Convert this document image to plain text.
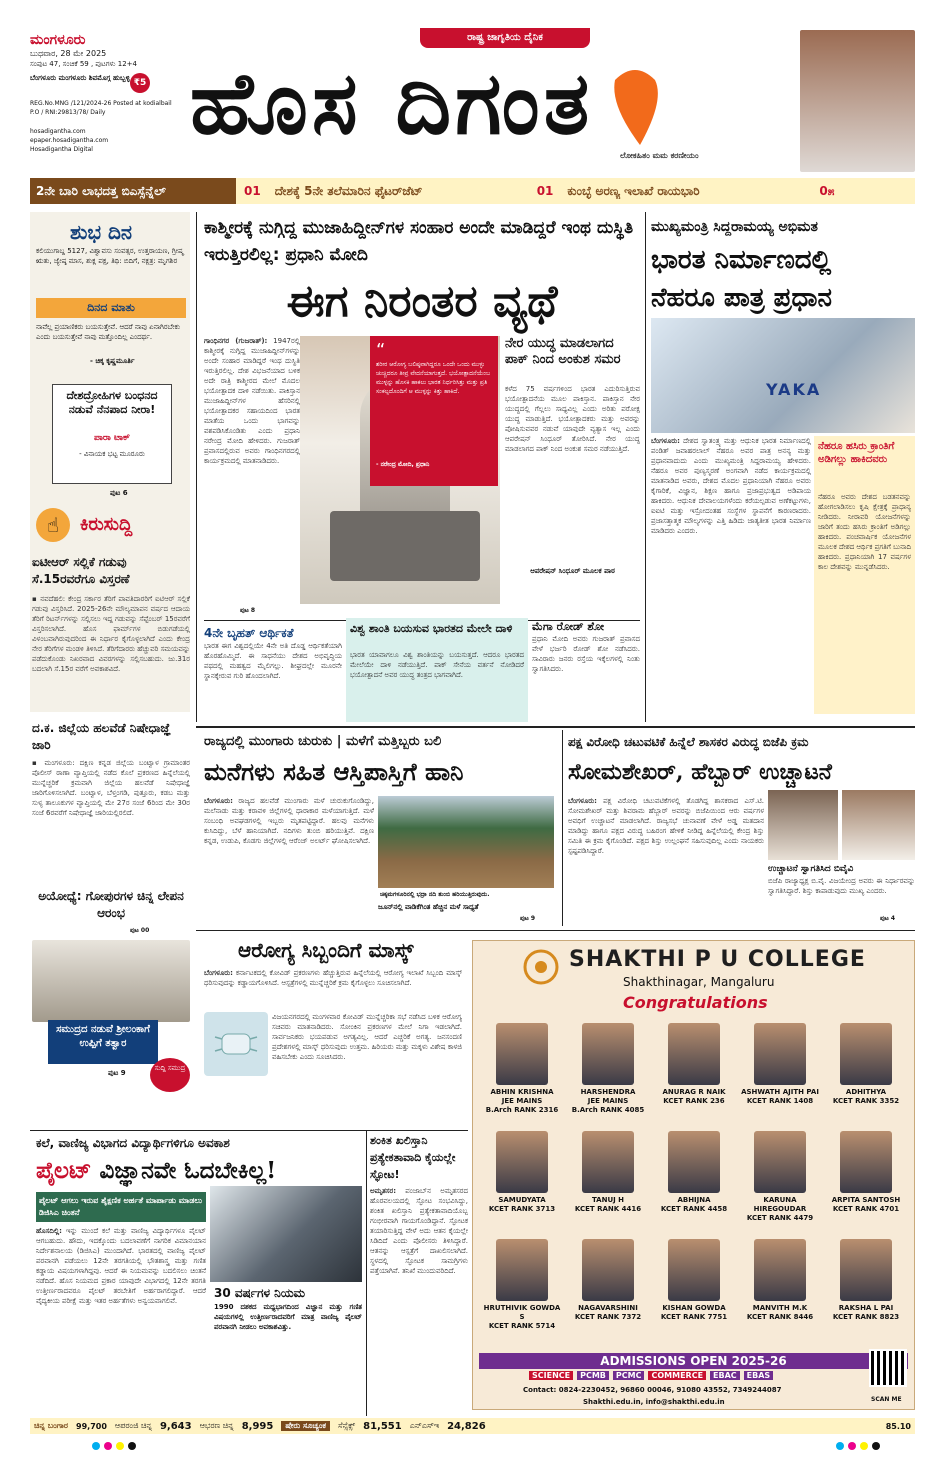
ಮಂಗಳೂರು
ಬುಧವಾರ, 28 ಮೇ 2025
ಸಂಪುಟ 47, ಸಂಚಿಕೆ 59 , ಪುಟಗಳು 12+4
ಬೆಂಗಳೂರು ಮಂಗಳೂರು ಶಿವಮೊಗ್ಗ ಹುಬ್ಬಳ್ಳಿ ₹5
REG.No.MNG /121/2024-26 Posted at kodialbail P.O / RNI:29813/78/ Daily
hosadigantha.com
epaper.hosadigantha.com
Hosadigantha Digital
ರಾಷ್ಟ್ರ ಜಾಗೃತಿಯ ದೈನಿಕ
ಹೊಸ ದಿಗಂತ
ಲೋಕಹಿತಂ ಮಮ ಕರಣೀಯಂ
2ನೇ ಬಾರಿ ಲಾಭದತ್ತ ಬಿಎಸ್ಸೆನ್ನೆಲ್	01	ದೇಶಕ್ಕೆ 5ನೇ ತಲೆಮಾರಿನ ಫೈಟರ್‌ಜೆಟ್	01	ಕುಂಬ್ಳೆ ಅರಣ್ಯ ಇಲಾಖೆ ರಾಯಭಾರಿ	0೫
ಶುಭ ದಿನ
ಕಲಿಯುಗಾಬ್ದ 5127, ವಿಶ್ವಾವಸು ಸಂವತ್ಸರ, ಉತ್ತರಾಯಣ, ಗ್ರೀಷ್ಮ ಋತು, ಜ್ಯೇಷ್ಠ ಮಾಸ, ಶುಕ್ಲ ಪಕ್ಷ, ತಿಥಿ: ಬಿದಿಗೆ, ನಕ್ಷತ್ರ: ಮೃಗಶಿರ
ದಿನದ ಮಾತು
ನಾವೆಲ್ಲ ಪ್ರಯಾಣಿಕರು ಬಯಸುತ್ತೇವೆ. ಆದರೆ ನಾವು ಏನಾಗಿರಬೇಕು ಎಂದು ಬಯಸುತ್ತೇವೆ ನಾವು ಮತ್ತೊಂದಿಲ್ಲ ಎಂದರ್ಥ.
- ಚಿಕ್ಕ ಕೃಷ್ಣಮೂರ್ತಿ
ದೇಶದ್ರೋಹಿಗಳ ಬಂಧನದ ನಡುವೆ ನೆನಪಾದ ನೀರಾ!
ಪಾರಾ ಟಾಕ್
- ವಿನಾಯಕ ಭಟ್ಟ ಮೂರೂರು
ಪುಟ 6
☝	ಕಿರುಸುದ್ದಿ
ಐಟೀಆರ್ ಸಲ್ಲಿಕೆ ಗಡುವು ಸೆ.15ರವರೆಗೂ ವಿಸ್ತರಣೆ
▪ ನವದೆಹಲಿ: ಕೇಂದ್ರ ಸರ್ಕಾರ ತೆರಿಗೆ ಪಾವತಿದಾರರಿಗೆ ಐಟಿಆರ್ ಸಲ್ಲಿಕೆ ಗಡುವು ವಿಸ್ತರಿಸಿದೆ. 2025-26ನೇ ಮೌಲ್ಯಮಾಪನ ವರ್ಷದ ಆದಾಯ ತೆರಿಗೆ ರಿಟರ್ನ್‌ಗಳನ್ನು ಸಲ್ಲಿಸಲು ಇದ್ದ ಗಡುವನ್ನು ಸೆಪ್ಟೆಂಬರ್ 15ರವರೆಗೆ ವಿಸ್ತರಿಸಲಾಗಿದೆ. ಹೊಸ ಫಾರ್ಮ್‌ಗಳ ಬಿಡುಗಡೆಯಲ್ಲಿ ವಿಳಂಬವಾಗಿರುವುದರಿಂದ ಈ ನಿರ್ಧಾರ ಕೈಗೊಳ್ಳಲಾಗಿದೆ ಎಂದು ಕೇಂದ್ರ ನೇರ ತೆರಿಗೆಗಳ ಮಂಡಳಿ ತಿಳಿಸಿದೆ. ತೆರಿಗೆದಾರರು ಹೆಚ್ಚುವರಿ ಸಮಯವನ್ನು ಪಡೆದುಕೊಂಡು ನಿಖರವಾದ ವಿವರಗಳನ್ನು ಸಲ್ಲಿಸಬಹುದು. ಜು.31ರ ಬದಲಾಗಿ ಸೆ.15ರ ವರೆಗೆ ಅವಕಾಶವಿದೆ.
ದ.ಕ. ಜಿಲ್ಲೆಯ ಹಲವೆಡೆ ನಿಷೇಧಾಜ್ಞೆ ಜಾರಿ
▪ ಮಂಗಳೂರು: ದಕ್ಷಿಣ ಕನ್ನಡ ಜಿಲ್ಲೆಯ ಬಂಟ್ವಾಳ ಗ್ರಾಮಾಂತರ ಪೊಲೀಸ್ ಠಾಣಾ ವ್ಯಾಪ್ತಿಯಲ್ಲಿ ನಡೆದ ಕೊಲೆ ಪ್ರಕರಣದ ಹಿನ್ನೆಲೆಯಲ್ಲಿ ಮುನ್ನೆಚ್ಚರಿಕೆ ಕ್ರಮವಾಗಿ ಜಿಲ್ಲೆಯ ಹಲವೆಡೆ ನಿಷೇಧಾಜ್ಞೆ ಜಾರಿಗೊಳಿಸಲಾಗಿದೆ. ಬಂಟ್ವಾಳ, ಬೆಳ್ತಂಗಡಿ, ಪುತ್ತೂರು, ಕಡಬ ಮತ್ತು ಸುಳ್ಯ ತಾಲೂಕುಗಳ ವ್ಯಾಪ್ತಿಯಲ್ಲಿ ಮೇ 27ರ ಸಂಜೆ 6ರಿಂದ ಮೇ 30ರ ಸಂಜೆ 6ರವರೆಗೆ ನಿಷೇಧಾಜ್ಞೆ ಜಾರಿಯಲ್ಲಿರಲಿದೆ.
ಅಯೋಧ್ಯೆ: ಗೋಪುರಗಳ ಚಿನ್ನ ಲೇಪನ ಆರಂಭ
ಪುಟ 00
ಸಮುದ್ರದ ನಡುವೆ ಶ್ರೀಲಂಕಾಗೆ ಉಪ್ಪಿಗೆ ತತ್ವಾರ
ಪುಟ 9
ಸುದ್ದಿ ಸಮುದ್ರ
ಕಾಶ್ಮೀರಕ್ಕೆ ನುಗ್ಗಿದ್ದ ಮುಜಾಹಿದ್ದೀನ್‌ಗಳ ಸಂಹಾರ ಅಂದೇ ಮಾಡಿದ್ದರೆ ಇಂಥ ದುಸ್ಥಿತಿ ಇರುತ್ತಿರಲಿಲ್ಲ: ಪ್ರಧಾನಿ ಮೋದಿ
ಈಗ ನಿರಂತರ ವ್ಯಥೆ
ಗಾಂಧಿನಗರ (ಗುಜರಾತ್): 1947ರಲ್ಲಿ ಕಾಶ್ಮೀರಕ್ಕೆ ನುಗ್ಗಿದ್ದ ಮುಜಾಹಿದ್ದೀನ್‌ಗಳನ್ನು ಅಂದೇ ಸಂಹಾರ ಮಾಡಿದ್ದರೆ ಇಂಥ ದುಸ್ಥಿತಿ ಇರುತ್ತಿರಲಿಲ್ಲ. ದೇಶ ವಿಭಜನೆಯಾದ ಬಳಿಕ ಅದೇ ರಾತ್ರಿ ಕಾಶ್ಮೀರದ ಮೇಲೆ ಮೊದಲ ಭಯೋತ್ಪಾದಕ ದಾಳಿ ನಡೆಯಿತು. ಪಾಕಿಸ್ತಾನ ಮುಜಾಹಿದ್ದೀನ್‌ಗಳ ಹೆಸರಿನಲ್ಲಿ ಭಯೋತ್ಪಾದಕರ ಸಹಾಯದಿಂದ ಭಾರತ ಮಾತೆಯ ಒಂದು ಭಾಗವನ್ನು ವಶಪಡಿಸಿಕೊಂಡಿತು ಎಂದು ಪ್ರಧಾನಿ ನರೇಂದ್ರ ಮೋದಿ ಹೇಳಿದರು. ಗುಜರಾತ್ ಪ್ರವಾಸದಲ್ಲಿರುವ ಅವರು ಗಾಂಧಿನಗರದಲ್ಲಿ ಕಾರ್ಯಕ್ರಮದಲ್ಲಿ ಮಾತನಾಡಿದರು.
“
ಶರೀರ ಆರೋಗ್ಯ ಬಲಿಷ್ಠವಾಗಿದ್ದರೂ ಒಂದೇ ಒಂದು ಮುಳ್ಳು ಚುಚ್ಚಿದರೂ ತೀವ್ರ ವೇದನೆಯಾಗುತ್ತದೆ. ಭಯೋತ್ಪಾದನೆಯೆಂಬ ಮುಳ್ಳನ್ನು ಹೊಸಕಿ ಹಾಕಲು ಭಾರತ ನಿರ್ಧರಿಸಿತ್ತು ಮತ್ತು ಪ್ರತಿ ಸಂಕಲ್ಪದೊಂದಿಗೆ ಆ ಮುಳ್ಳನ್ನು ಕಿತ್ತು ಹಾಕಿದೆ.
- ನರೇಂದ್ರ ಮೋದಿ, ಪ್ರಧಾನಿ
ನೇರ ಯುದ್ಧ ಮಾಡಲಾಗದ ಪಾಕ್ ನಿಂದ ಅಂಕುಶ ಸಮರ
ಕಳೆದ 75 ವರ್ಷಗಳಿಂದ ಭಾರತ ಎದುರಿಸುತ್ತಿರುವ ಭಯೋತ್ಪಾದನೆಯ ಮೂಲ ಪಾಕಿಸ್ತಾನ. ಪಾಕಿಸ್ತಾನ ನೇರ ಯುದ್ಧದಲ್ಲಿ ಗೆಲ್ಲಲು ಸಾಧ್ಯವಿಲ್ಲ ಎಂದು ಅರಿತು ಪರೋಕ್ಷ ಯುದ್ಧ ಮಾಡುತ್ತಿದೆ. ಭಯೋತ್ಪಾದಕರು ಮತ್ತು ಅವರನ್ನು ಪೋಷಿಸುವವರ ನಡುವೆ ಯಾವುದೇ ವ್ಯತ್ಯಾಸ ಇಲ್ಲ ಎಂದು ಆಪರೇಷನ್ ಸಿಂಧೂರ್ ತೋರಿಸಿದೆ. ನೇರ ಯುದ್ಧ ಮಾಡಲಾಗದ ಪಾಕ್ ನಿಂದ ಅಂಕುಶ ಸಮರ ನಡೆಯುತ್ತಿದೆ.
ಆಪರೇಷನ್ ಸಿಂಧೂರ್ ಮೂಲಕ ಪಾಠ
ಪುಟ 8
4ನೇ ಬೃಹತ್ ಆರ್ಥಿಕತೆ
ಭಾರತ ಈಗ ವಿಶ್ವದಲ್ಲಿಯೇ 4ನೇ ಅತಿ ದೊಡ್ಡ ಆರ್ಥಿಕತೆಯಾಗಿ ಹೊರಹೊಮ್ಮಿದೆ. ಈ ಸಾಧನೆಯು ದೇಶದ ಅಭಿವೃದ್ಧಿಯ ಪಥದಲ್ಲಿ ಮಹತ್ವದ ಮೈಲಿಗಲ್ಲು. ಶೀಘ್ರದಲ್ಲೇ ಮೂರನೇ ಸ್ಥಾನಕ್ಕೇರುವ ಗುರಿ ಹೊಂದಲಾಗಿದೆ.
ವಿಶ್ವ ಶಾಂತಿ ಬಯಸುವ ಭಾರತದ ಮೇಲೇ ದಾಳಿ
ಭಾರತ ಯಾವಾಗಲೂ ವಿಶ್ವ ಶಾಂತಿಯನ್ನು ಬಯಸುತ್ತದೆ. ಆದರೂ ಭಾರತದ ಮೇಲೆಯೇ ದಾಳಿ ನಡೆಯುತ್ತಿದೆ. ಪಾಕ್ ಸೇನೆಯ ವರ್ತನೆ ನೋಡಿದರೆ ಭಯೋತ್ಪಾದನೆ ಅವರ ಯುದ್ಧ ತಂತ್ರದ ಭಾಗವಾಗಿದೆ.
ಮೆಗಾ ರೋಡ್ ಶೋ
ಪ್ರಧಾನಿ ಮೋದಿ ಅವರು ಗುಜರಾತ್ ಪ್ರವಾಸದ ವೇಳೆ ಭರ್ಜರಿ ರೋಡ್ ಶೋ ನಡೆಸಿದರು. ಸಾವಿರಾರು ಜನರು ರಸ್ತೆಯ ಇಕ್ಕೆಲಗಳಲ್ಲಿ ನಿಂತು ಸ್ವಾಗತಿಸಿದರು.
ಮುಖ್ಯಮಂತ್ರಿ ಸಿದ್ದರಾಮಯ್ಯ ಅಭಿಮತ
ಭಾರತ ನಿರ್ಮಾಣದಲ್ಲಿ
ನೆಹರೂ ಪಾತ್ರ ಪ್ರಧಾನ
YAKA
ಬೆಂಗಳೂರು: ದೇಶದ ಸ್ವಾತಂತ್ರ್ಯ ಮತ್ತು ಆಧುನಿಕ ಭಾರತ ನಿರ್ಮಾಣದಲ್ಲಿ ಪಂಡಿತ್ ಜವಾಹರಲಾಲ್ ನೆಹರೂ ಅವರ ಪಾತ್ರ ಅನನ್ಯ ಮತ್ತು ಪ್ರಧಾನವಾದುದು ಎಂದು ಮುಖ್ಯಮಂತ್ರಿ ಸಿದ್ದರಾಮಯ್ಯ ಹೇಳಿದರು. ನೆಹರೂ ಅವರ ಪುಣ್ಯಸ್ಮರಣೆ ಅಂಗವಾಗಿ ನಡೆದ ಕಾರ್ಯಕ್ರಮದಲ್ಲಿ ಮಾತನಾಡಿದ ಅವರು, ದೇಶದ ಮೊದಲ ಪ್ರಧಾನಿಯಾಗಿ ನೆಹರೂ ಅವರು ಕೈಗಾರಿಕೆ, ವಿಜ್ಞಾನ, ಶಿಕ್ಷಣ ಹಾಗೂ ಪ್ರಜಾಪ್ರಭುತ್ವದ ಅಡಿಪಾಯ ಹಾಕಿದರು. ಆಧುನಿಕ ದೇವಾಲಯಗಳೆಂದು ಕರೆಯಲ್ಪಡುವ ಅಣೆಕಟ್ಟುಗಳು, ಐಐಟಿ ಮತ್ತು ಇಸ್ರೋದಂತಹ ಸಂಸ್ಥೆಗಳ ಸ್ಥಾಪನೆಗೆ ಕಾರಣರಾದರು. ಪ್ರಜಾಸತ್ತಾತ್ಮಕ ಮೌಲ್ಯಗಳನ್ನು ಎತ್ತಿ ಹಿಡಿದು ಜಾತ್ಯತೀತ ಭಾರತ ನಿರ್ಮಾಣ ಮಾಡಿದರು ಎಂದರು.
ನೆಹರೂ ಹಸಿರು ಕ್ರಾಂತಿಗೆ ಅಡಿಗಲ್ಲು ಹಾಕಿದವರು
ನೆಹರೂ ಅವರು ದೇಶದ ಬಡತನವನ್ನು ಹೋಗಲಾಡಿಸಲು ಕೃಷಿ ಕ್ಷೇತ್ರಕ್ಕೆ ಪ್ರಾಧಾನ್ಯ ನೀಡಿದರು. ನೀರಾವರಿ ಯೋಜನೆಗಳನ್ನು ಜಾರಿಗೆ ತಂದು ಹಸಿರು ಕ್ರಾಂತಿಗೆ ಅಡಿಗಲ್ಲು ಹಾಕಿದರು. ಪಂಚವಾರ್ಷಿಕ ಯೋಜನೆಗಳ ಮೂಲಕ ದೇಶದ ಆರ್ಥಿಕ ಪ್ರಗತಿಗೆ ಬುನಾದಿ ಹಾಕಿದರು. ಪ್ರಧಾನಿಯಾಗಿ 17 ವರ್ಷಗಳ ಕಾಲ ದೇಶವನ್ನು ಮುನ್ನಡೆಸಿದರು.
ರಾಜ್ಯದಲ್ಲಿ ಮುಂಗಾರು ಚುರುಕು | ಮಳೆಗೆ ಮತ್ತಿಬ್ಬರು ಬಲಿ
ಮನೆಗಳು ಸಹಿತ ಆಸ್ತಿಪಾಸ್ತಿಗೆ ಹಾನಿ
ಬೆಂಗಳೂರು: ರಾಜ್ಯದ ಹಲವೆಡೆ ಮುಂಗಾರು ಮಳೆ ಚುರುಕುಗೊಂಡಿದ್ದು, ಮಲೆನಾಡು ಮತ್ತು ಕರಾವಳಿ ಜಿಲ್ಲೆಗಳಲ್ಲಿ ಧಾರಾಕಾರ ಮಳೆಯಾಗುತ್ತಿದೆ. ಮಳೆ ಸಂಬಂಧಿ ಅವಘಡಗಳಲ್ಲಿ ಇಬ್ಬರು ಮೃತಪಟ್ಟಿದ್ದಾರೆ. ಹಲವು ಮನೆಗಳು ಕುಸಿದಿದ್ದು, ಬೆಳೆ ಹಾನಿಯಾಗಿದೆ. ನದಿಗಳು ತುಂಬಿ ಹರಿಯುತ್ತಿವೆ. ದಕ್ಷಿಣ ಕನ್ನಡ, ಉಡುಪಿ, ಕೊಡಗು ಜಿಲ್ಲೆಗಳಲ್ಲಿ ಆರೆಂಜ್ ಅಲರ್ಟ್ ಘೋಷಿಸಲಾಗಿದೆ.
ಚಿಕ್ಕಮಗಳೂರಿನಲ್ಲಿ ಭದ್ರಾ ನದಿ ತುಂಬಿ ಹರಿಯುತ್ತಿರುವುದು.
ಜೂನ್‌ನಲ್ಲಿ ವಾಡಿಕೆಗಿಂತ ಹೆಚ್ಚಿನ ಮಳೆ ಸಾಧ್ಯತೆ
ಪುಟ 9
ಪಕ್ಷ ವಿರೋಧಿ ಚಟುವಟಿಕೆ ಹಿನ್ನೆಲೆ ಶಾಸಕರ ವಿರುದ್ಧ ಬಿಜೆಪಿ ಕ್ರಮ
ಸೋಮಶೇಖರ್, ಹೆಬ್ಬಾರ್ ಉಚ್ಚಾಟನೆ
ಬೆಂಗಳೂರು: ಪಕ್ಷ ವಿರೋಧಿ ಚಟುವಟಿಕೆಗಳಲ್ಲಿ ತೊಡಗಿದ್ದ ಶಾಸಕರಾದ ಎಸ್.ಟಿ. ಸೋಮಶೇಖರ್ ಮತ್ತು ಶಿವರಾಮ ಹೆಬ್ಬಾರ್ ಅವರನ್ನು ಬಿಜೆಪಿಯಿಂದ ಆರು ವರ್ಷಗಳ ಅವಧಿಗೆ ಉಚ್ಚಾಟನೆ ಮಾಡಲಾಗಿದೆ. ರಾಜ್ಯಸಭೆ ಚುನಾವಣೆ ವೇಳೆ ಅಡ್ಡ ಮತದಾನ ಮಾಡಿದ್ದು ಹಾಗೂ ಪಕ್ಷದ ವಿರುದ್ಧ ಬಹಿರಂಗ ಹೇಳಿಕೆ ನೀಡಿದ್ದ ಹಿನ್ನೆಲೆಯಲ್ಲಿ ಕೇಂದ್ರ ಶಿಸ್ತು ಸಮಿತಿ ಈ ಕ್ರಮ ಕೈಗೊಂಡಿದೆ. ಪಕ್ಷದ ಶಿಸ್ತು ಉಲ್ಲಂಘನೆ ಸಹಿಸುವುದಿಲ್ಲ ಎಂದು ನಾಯಕರು ಸ್ಪಷ್ಟಪಡಿಸಿದ್ದಾರೆ.
ಉಚ್ಚಾಟನೆ ಸ್ವಾಗತಿಸಿದ ಬಿವೈವಿ
ಬಿಜೆಪಿ ರಾಜ್ಯಾಧ್ಯಕ್ಷ ಬಿ.ವೈ. ವಿಜಯೇಂದ್ರ ಅವರು ಈ ನಿರ್ಧಾರವನ್ನು ಸ್ವಾಗತಿಸಿದ್ದಾರೆ. ಶಿಸ್ತು ಕಾಪಾಡುವುದು ಮುಖ್ಯ ಎಂದರು.
ಪುಟ 4
ಆರೋಗ್ಯ ಸಿಬ್ಬಂದಿಗೆ ಮಾಸ್ಕ್
ಬೆಂಗಳೂರು: ಕರ್ನಾಟಕದಲ್ಲಿ ಕೋವಿಡ್ ಪ್ರಕರಣಗಳು ಹೆಚ್ಚುತ್ತಿರುವ ಹಿನ್ನೆಲೆಯಲ್ಲಿ ಆರೋಗ್ಯ ಇಲಾಖೆ ಸಿಬ್ಬಂದಿ ಮಾಸ್ಕ್ ಧರಿಸುವುದನ್ನು ಕಡ್ಡಾಯಗೊಳಿಸಿದೆ. ಆಸ್ಪತ್ರೆಗಳಲ್ಲಿ ಮುನ್ನೆಚ್ಚರಿಕೆ ಕ್ರಮ ಕೈಗೊಳ್ಳಲು ಸೂಚಿಸಲಾಗಿದೆ.
ವಿಜಯನಗರದಲ್ಲಿ ಮಂಗಳವಾರ ಕೋವಿಡ್ ಮುನ್ನೆಚ್ಚರಿಕಾ ಸಭೆ ನಡೆಸಿದ ಬಳಿಕ ಆರೋಗ್ಯ ಸಚಿವರು ಮಾತನಾಡಿದರು. ಸೋಂಕಿನ ಪ್ರಕರಣಗಳ ಮೇಲೆ ನಿಗಾ ಇಡಲಾಗಿದೆ. ಸಾರ್ವಜನಿಕರು ಭಯಪಡುವ ಅಗತ್ಯವಿಲ್ಲ. ಆದರೆ ಎಚ್ಚರಿಕೆ ಅಗತ್ಯ. ಜನಸಂದಣಿ ಪ್ರದೇಶಗಳಲ್ಲಿ ಮಾಸ್ಕ್ ಧರಿಸುವುದು ಉತ್ತಮ. ಹಿರಿಯರು ಮತ್ತು ಮಕ್ಕಳು ವಿಶೇಷ ಕಾಳಜಿ ವಹಿಸಬೇಕು ಎಂದು ಸೂಚಿಸಿದರು.
SHAKTHI P U COLLEGE
Shakthinagar, Mangaluru
Congratulations
ABHIN KRISHNA
JEE MAINS
B.Arch RANK 2316
HARSHENDRA
JEE MAINS
B.Arch RANK 4085
ANURAG R NAIK
KCET RANK 236
ASHWATH AJITH PAI
KCET RANK 1408
ADHITHYA
KCET RANK 3352
SAMUDYATA
KCET RANK 3713
TANUJ H
KCET RANK 4416
ABHIJNA
KCET RANK 4458
KARUNA HIREGOUDAR
KCET RANK 4479
ARPITA SANTOSH
KCET RANK 4701
HRUTHIVIK GOWDA S
KCET RANK 5714
NAGAVARSHINI
KCET RANK 7372
KISHAN GOWDA
KCET RANK 7751
MANVITH M.K
KCET RANK 8446
RAKSHA L PAI
KCET RANK 8823
ADMISSIONS OPEN 2025-26
SCIENCE	PCMB	PCMC	COMMERCE	EBAC	EBAS
Contact: 0824-2230452, 96860 00046, 91080 43552, 7349244087
Shakthi.edu.in, info@shakthi.edu.in	SCAN ME
ಕಲೆ, ವಾಣಿಜ್ಯ ವಿಭಾಗದ ವಿದ್ಯಾರ್ಥಿಗಳಿಗೂ ಅವಕಾಶ
ಪೈಲಟ್ ವಿಜ್ಞಾನವೇ ಓದಬೇಕಿಲ್ಲ!
ಪೈಲಟ್ ಆಗಲು ಇರುವ ಶೈಕ್ಷಣಿಕ ಅರ್ಹತೆ ಮಾರ್ಪಾಡು ಮಾಡಲು ಡಿಜಿಸಿಎ ಚಿಂತನೆ
ಹೊಸದಿಲ್ಲಿ: ಇನ್ನು ಮುಂದೆ ಕಲೆ ಮತ್ತು ವಾಣಿಜ್ಯ ವಿದ್ಯಾರ್ಥಿಗಳೂ ಪೈಲಟ್ ಆಗಬಹುದು. ಹೌದು, ಇದಕ್ಕೊಂದು ಬದಲಾವಣೆಗೆ ನಾಗರಿಕ ವಿಮಾನಯಾನ ನಿರ್ದೇಶನಾಲಯ (ಡಿಜಿಸಿಎ) ಮುಂದಾಗಿದೆ. ಭಾರತದಲ್ಲಿ ವಾಣಿಜ್ಯ ಪೈಲಟ್ ಪರವಾನಗಿ ಪಡೆಯಲು 12ನೇ ತರಗತಿಯಲ್ಲಿ ಭೌತಶಾಸ್ತ್ರ ಮತ್ತು ಗಣಿತ ಕಡ್ಡಾಯ ವಿಷಯಗಳಾಗಿದ್ದವು. ಆದರೆ ಈ ನಿಯಮವನ್ನು ಬದಲಿಸಲು ಚಿಂತನೆ ನಡೆದಿದೆ. ಹೊಸ ನಿಯಮದ ಪ್ರಕಾರ ಯಾವುದೇ ವಿಭಾಗದಲ್ಲಿ 12ನೇ ತರಗತಿ ಉತ್ತೀರ್ಣರಾದವರೂ ಪೈಲಟ್ ತರಬೇತಿಗೆ ಅರ್ಹರಾಗಲಿದ್ದಾರೆ. ಆದರೆ ವೈದ್ಯಕೀಯ ಪರೀಕ್ಷೆ ಮತ್ತು ಇತರ ಅರ್ಹತೆಗಳು ಅನ್ವಯವಾಗಲಿವೆ.
30 ವರ್ಷಗಳ ನಿಯಮ
1990 ದಶಕದ ಮಧ್ಯಭಾಗದಿಂದ ವಿಜ್ಞಾನ ಮತ್ತು ಗಣಿತ ವಿಷಯಗಳಲ್ಲಿ ಉತ್ತೀರ್ಣರಾದವರಿಗೆ ಮಾತ್ರ ವಾಣಿಜ್ಯ ಪೈಲಟ್ ಪರವಾನಗಿ ನೀಡಲು ಅವಕಾಶವಿತ್ತು.
ಶಂಕಿತ ಖಲಿಸ್ತಾನಿ ಪ್ರತ್ಯೇಕತಾವಾದಿ ಕೈಯಲ್ಲೇ ಸ್ಫೋಟ!
ಅಮೃತಸರ: ಪಂಜಾಬ್‌ನ ಅಮೃತಸರದ ಹೊರವಲಯದಲ್ಲಿ ಸ್ಫೋಟ ಸಂಭವಿಸಿದ್ದು, ಶಂಕಿತ ಖಲಿಸ್ತಾನಿ ಪ್ರತ್ಯೇಕತಾವಾದಿಯೊಬ್ಬ ಗಂಭೀರವಾಗಿ ಗಾಯಗೊಂಡಿದ್ದಾನೆ. ಸ್ಫೋಟಕ ತಯಾರಿಸುತ್ತಿದ್ದ ವೇಳೆ ಅದು ಆತನ ಕೈಯಲ್ಲೇ ಸಿಡಿದಿದೆ ಎಂದು ಪೊಲೀಸರು ತಿಳಿಸಿದ್ದಾರೆ. ಆತನನ್ನು ಆಸ್ಪತ್ರೆಗೆ ದಾಖಲಿಸಲಾಗಿದೆ. ಸ್ಥಳದಲ್ಲಿ ಸ್ಫೋಟಕ ಸಾಮಗ್ರಿಗಳು ಪತ್ತೆಯಾಗಿವೆ. ತನಿಖೆ ಮುಂದುವರಿದಿದೆ.
ಚಿನ್ನ ಬಂಗಾರ 99,700 ಆಪರಂಜಿ ಚಿನ್ನ 9,643 ಆಭರಣ ಚಿನ್ನ 8,995	ಷೇರು ಸೂಚ್ಯಂಕ	ಸೆನ್ಸೆಕ್ಸ್ 81,551 ಎನ್‌ಎಸ್‌ಇ 24,826	85.10
